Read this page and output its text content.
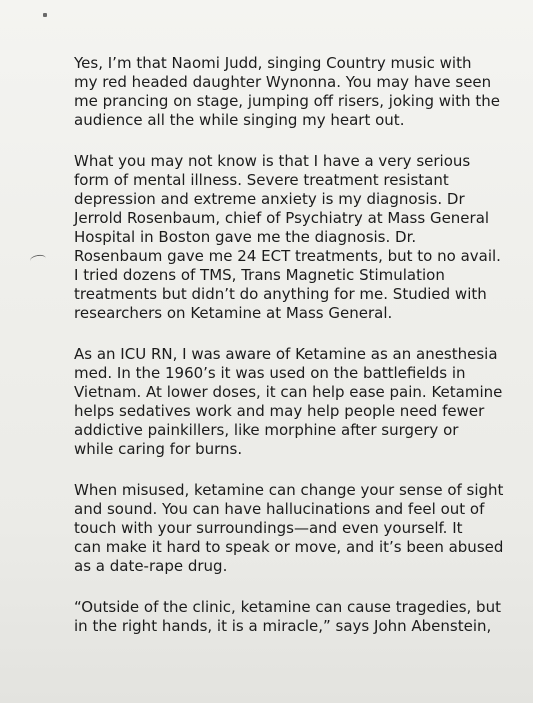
Yes, I’m that Naomi Judd, singing Country music with
my red headed daughter Wynonna. You may have seen
me prancing on stage, jumping off risers, joking with the
audience all the while singing my heart out.

What you may not know is that I have a very serious
form of mental illness. Severe treatment resistant
depression and extreme anxiety is my diagnosis. Dr
Jerrold Rosenbaum, chief of Psychiatry at Mass General
Hospital in Boston gave me the diagnosis. Dr.
Rosenbaum gave me 24 ECT treatments, but to no avail.
I tried dozens of TMS, Trans Magnetic Stimulation
treatments but didn’t do anything for me. Studied with
researchers on Ketamine at Mass General.

As an ICU RN, I was aware of Ketamine as an anesthesia
med. In the 1960’s it was used on the battlefields in
Vietnam. At lower doses, it can help ease pain. Ketamine
helps sedatives work and may help people need fewer
addictive painkillers, like morphine after surgery or
while caring for burns.

When misused, ketamine can change your sense of sight
and sound. You can have hallucinations and feel out of
touch with your surroundings—and even yourself. It
can make it hard to speak or move, and it’s been abused
as a date-rape drug.

“Outside of the clinic, ketamine can cause tragedies, but
in the right hands, it is a miracle,” says John Abenstein,
